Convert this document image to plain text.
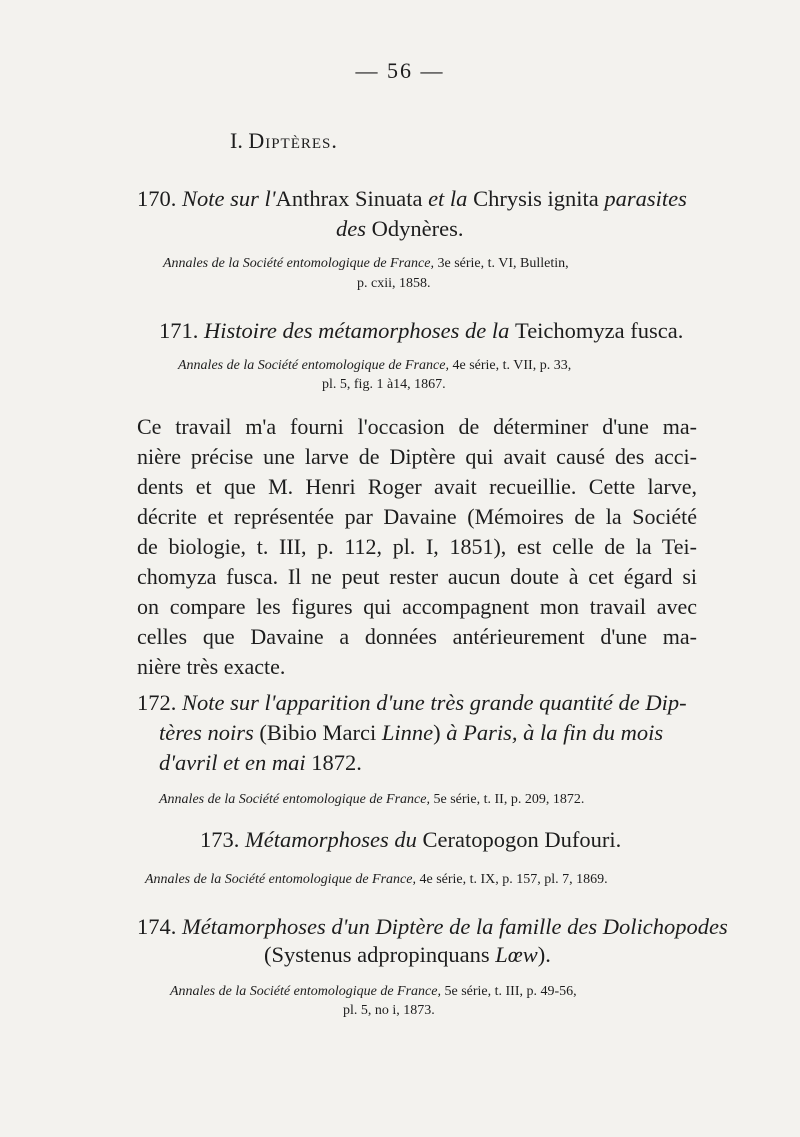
— 56 —
I. Diptères.
170. Note sur l'Anthrax Sinuata et la Chrysis ignita parasites
des Odynères.
Annales de la Société entomologique de France, 3e série, t. VI, Bulletin,
p. cxii, 1858.
171. Histoire des métamorphoses de la Teichomyza fusca.
Annales de la Société entomologique de France, 4e série, t. VII, p. 33,
pl. 5, fig. 1 à14, 1867.
Ce travail m'a fourni l'occasion de déterminer d'une ma-
nière précise une larve de Diptère qui avait causé des acci-
dents et que M. Henri Roger avait recueillie. Cette larve,
décrite et représentée par Davaine (Mémoires de la Société
de biologie, t. III, p. 112, pl. I, 1851), est celle de la Tei-
chomyza fusca. Il ne peut rester aucun doute à cet égard si
on compare les figures qui accompagnent mon travail avec
celles que Davaine a données antérieurement d'une ma-
nière très exacte.
172. Note sur l'apparition d'une très grande quantité de Dip-
tères noirs (Bibio Marci Linne) à Paris, à la fin du mois
d'avril et en mai 1872.
Annales de la Société entomologique de France, 5e série, t. II, p. 209, 1872.
173. Métamorphoses du Ceratopogon Dufouri.
Annales de la Société entomologique de France, 4e série, t. IX, p. 157, pl. 7, 1869.
174. Métamorphoses d'un Diptère de la famille des Dolichopodes
(Systenus adpropinquans Lœw).
Annales de la Société entomologique de France, 5e série, t. III, p. 49-56,
pl. 5, no i, 1873.
